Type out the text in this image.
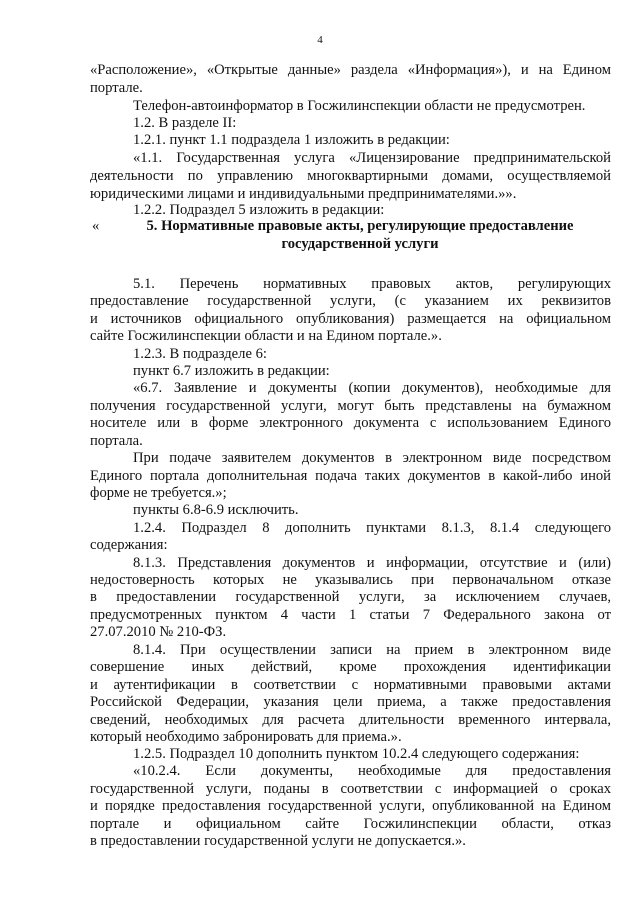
4
«Расположение», «Открытые данные» раздела «Информация»), и на Едином
портале.
Телефон-автоинформатор в Госжилинспекции области не предусмотрен.
1.2. В разделе II:
1.2.1. пункт 1.1 подраздела 1 изложить в редакции:
«1.1. Государственная услуга «Лицензирование предпринимательской
деятельности по управлению многоквартирными домами, осуществляемой
юридическими лицами и индивидуальными предпринимателями.»».
1.2.2. Подраздел 5 изложить в редакции:
«	5. Нормативные правовые акты, регулирующие предоставление
государственной услуги
5.1. Перечень нормативных правовых актов, регулирующих
предоставление государственной услуги, (с указанием их реквизитов
и источников официального опубликования) размещается на официальном
сайте Госжилинспекции области и на Едином портале.».
1.2.3. В подразделе 6:
пункт 6.7 изложить в редакции:
«6.7. Заявление и документы (копии документов), необходимые для
получения государственной услуги, могут быть представлены на бумажном
носителе или в форме электронного документа с использованием Единого
портала.
При подаче заявителем документов в электронном виде посредством
Единого портала дополнительная подача таких документов в какой-либо иной
форме не требуется.»;
пункты 6.8-6.9 исключить.
1.2.4. Подраздел 8 дополнить пунктами 8.1.3, 8.1.4 следующего
содержания:
8.1.3. Представления документов и информации, отсутствие и (или)
недостоверность которых не указывались при первоначальном отказе
в предоставлении государственной услуги, за исключением случаев,
предусмотренных пунктом 4 части 1 статьи 7 Федерального закона от
27.07.2010 № 210-ФЗ.
8.1.4. При осуществлении записи на прием в электронном виде
совершение иных действий, кроме прохождения идентификации
и аутентификации в соответствии с нормативными правовыми актами
Российской Федерации, указания цели приема, а также предоставления
сведений, необходимых для расчета длительности временного интервала,
который необходимо забронировать для приема.».
1.2.5. Подраздел 10 дополнить пунктом 10.2.4 следующего содержания:
«10.2.4. Если документы, необходимые для предоставления
государственной услуги, поданы в соответствии с информацией о сроках
и порядке предоставления государственной услуги, опубликованной на Едином
портале и официальном сайте Госжилинспекции области, отказ
в предоставлении государственной услуги не допускается.».
